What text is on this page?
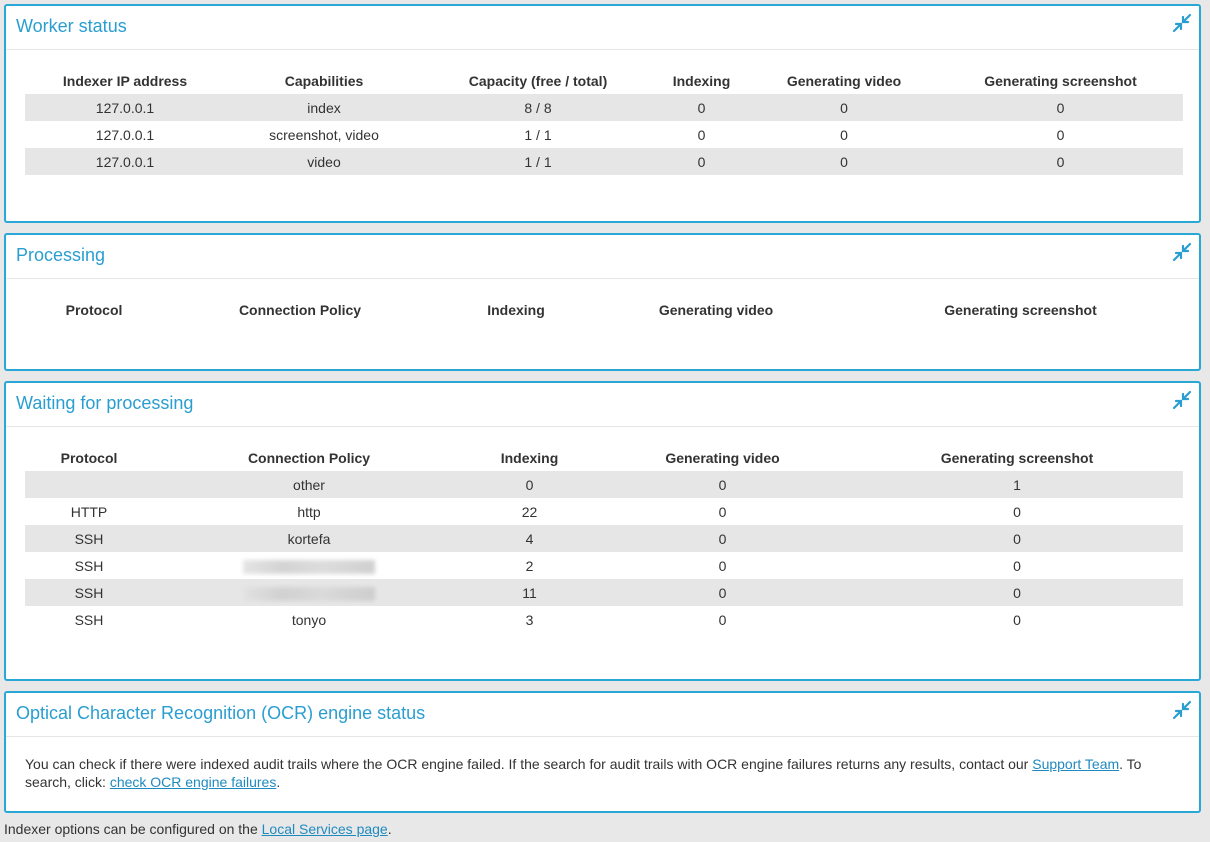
Worker status
Indexer IP address	Capabilities	Capacity (free / total)	Indexing	Generating video	Generating screenshot
127.0.0.1	index	8 / 8	0	0	0
127.0.0.1	screenshot, video	1 / 1	0	0	0
127.0.0.1	video	1 / 1	0	0	0
Processing
Protocol	Connection Policy	Indexing	Generating video	Generating screenshot
Waiting for processing
Protocol	Connection Policy	Indexing	Generating video	Generating screenshot
	other	0	0	1
HTTP	http	22	0	0
SSH	kortefa	4	0	0
SSH		2	0	0
SSH		11	0	0
SSH	tonyo	3	0	0
Optical Character Recognition (OCR) engine status
You can check if there were indexed audit trails where the OCR engine failed. If the search for audit trails with OCR engine failures returns any results, contact our Support Team. To search, click: check OCR engine failures.
Indexer options can be configured on the Local Services page.
